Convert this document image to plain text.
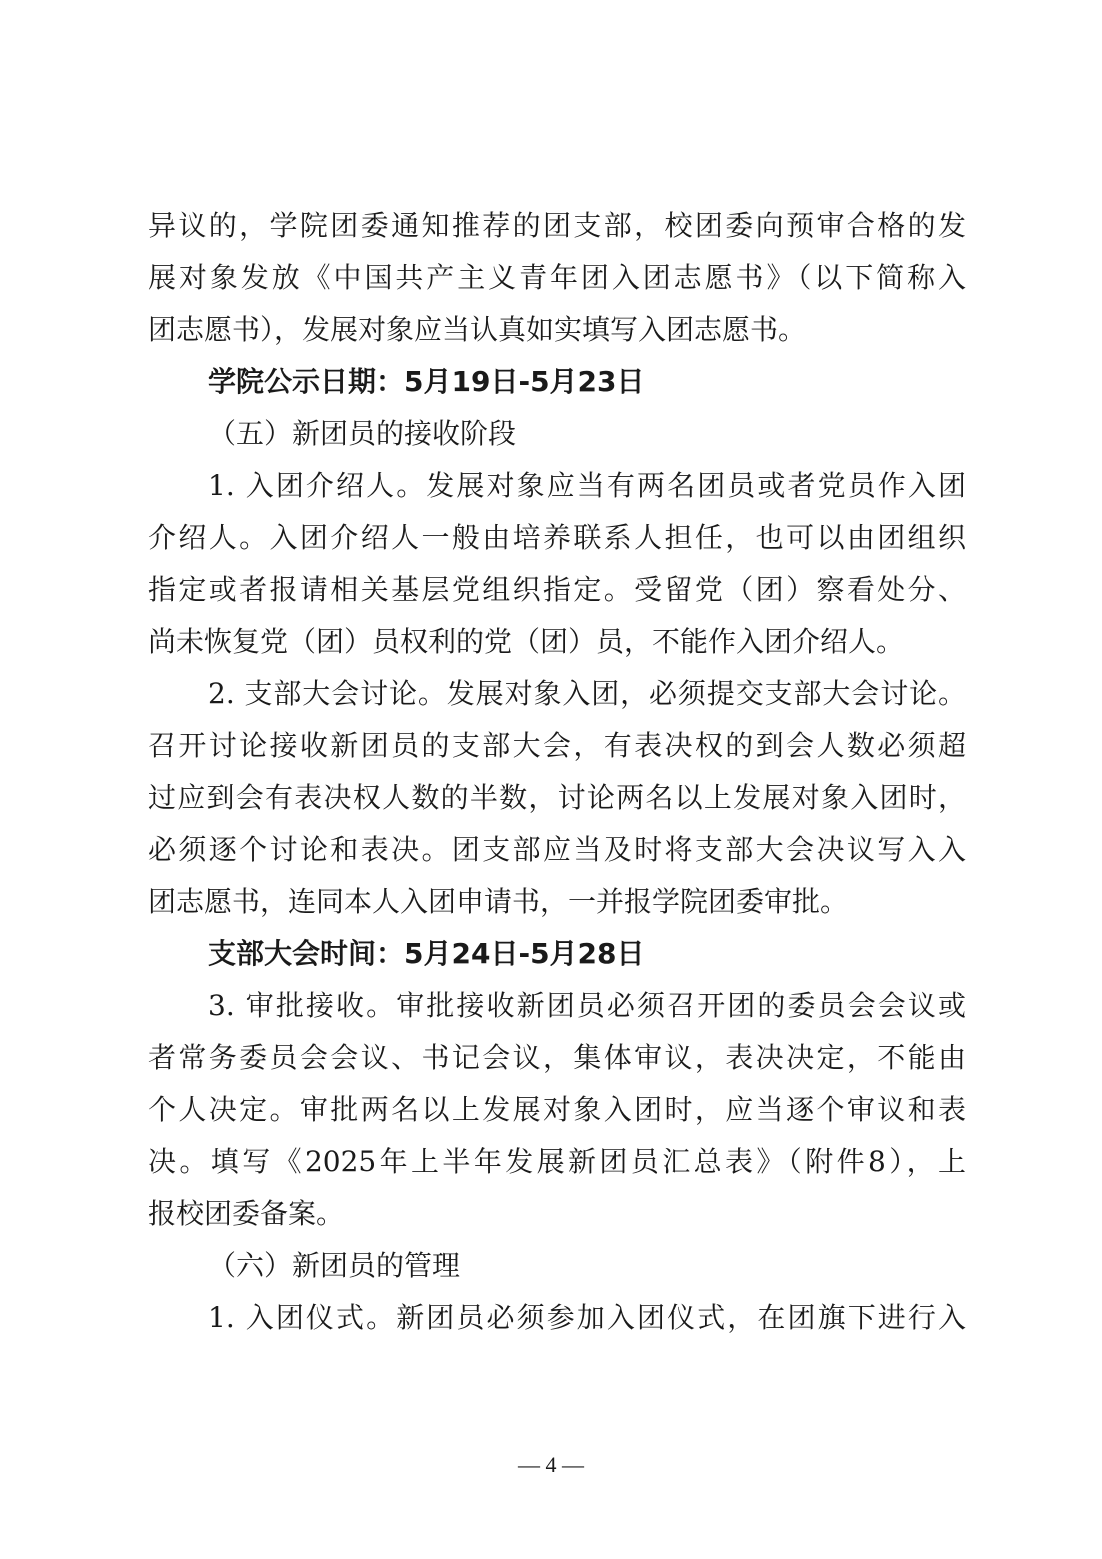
异议的，学院团委通知推荐的团支部，校团委向预审合格的发
展对象发放《中国共产主义青年团入团志愿书》（以下简称入
团志愿书），发展对象应当认真如实填写入团志愿书。
学院公示日期：5月19日-5月23日
（五）新团员的接收阶段
1. 入团介绍人。发展对象应当有两名团员或者党员作入团
介绍人。入团介绍人一般由培养联系人担任，也可以由团组织
指定或者报请相关基层党组织指定。受留党（团）察看处分、
尚未恢复党（团）员权利的党（团）员，不能作入团介绍人。
2. 支部大会讨论。发展对象入团，必须提交支部大会讨论。
召开讨论接收新团员的支部大会，有表决权的到会人数必须超
过应到会有表决权人数的半数，讨论两名以上发展对象入团时，
必须逐个讨论和表决。团支部应当及时将支部大会决议写入入
团志愿书，连同本人入团申请书，一并报学院团委审批。
支部大会时间：5月24日-5月28日
3. 审批接收。审批接收新团员必须召开团的委员会会议或
者常务委员会会议、书记会议，集体审议，表决决定，不能由
个人决定。审批两名以上发展对象入团时，应当逐个审议和表
决。填写《2025年上半年发展新团员汇总表》（附件8），上
报校团委备案。
（六）新团员的管理
1. 入团仪式。新团员必须参加入团仪式，在团旗下进行入
— 4 —
